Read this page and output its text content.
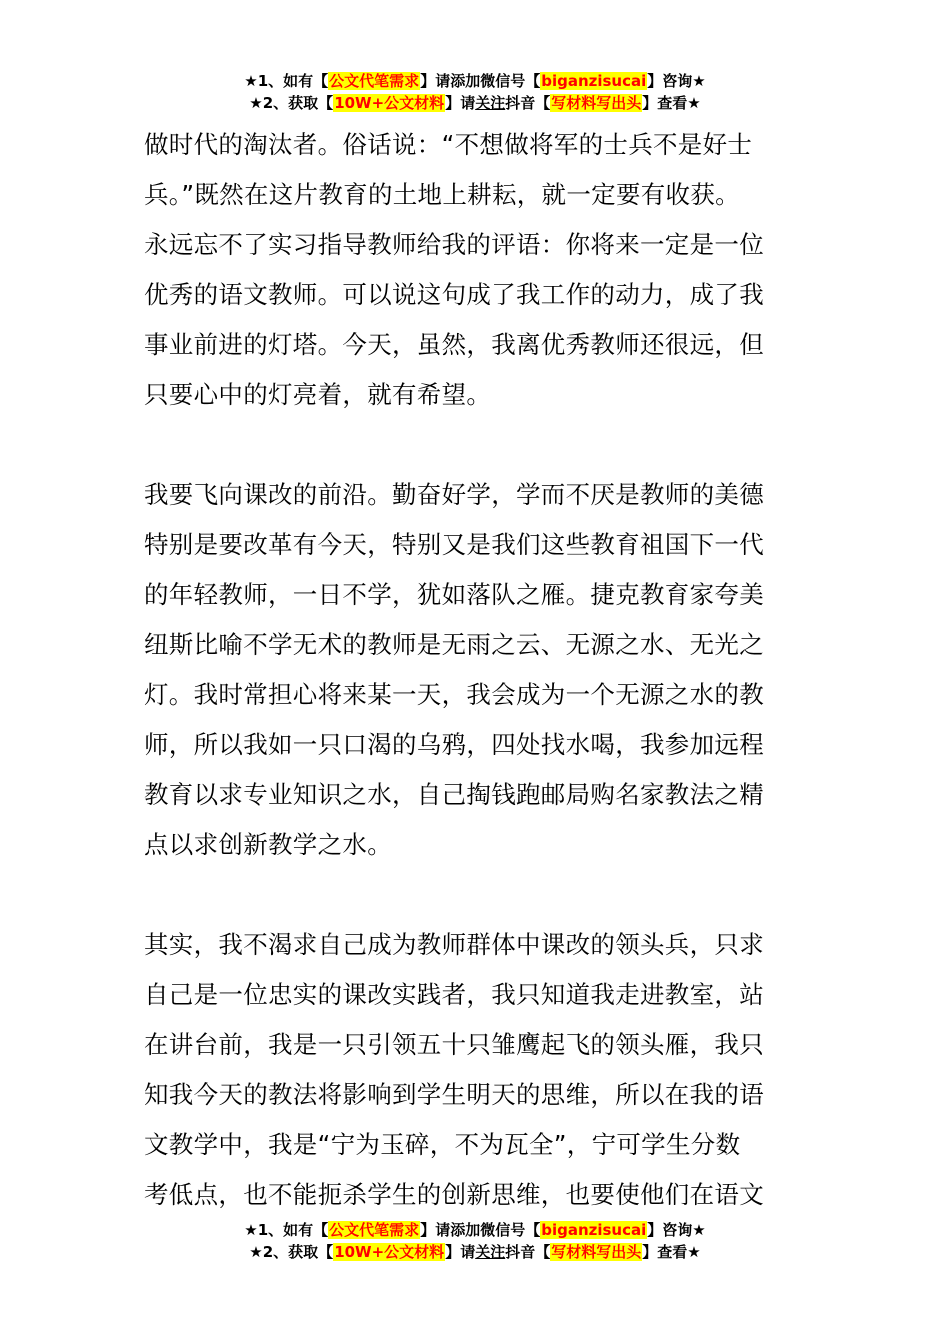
★1、如有【公文代笔需求】请添加微信号【biganzisucai】咨询★
★2、获取【10W+公文材料】请关注抖音【写材料写出头】查看★
做时代的淘汰者。俗话说：“不想做将军的士兵不是好士
兵。”既然在这片教育的土地上耕耘，就一定要有收获。
永远忘不了实习指导教师给我的评语：你将来一定是一位
优秀的语文教师。可以说这句成了我工作的动力，成了我
事业前进的灯塔。今天，虽然，我离优秀教师还很远，但
只要心中的灯亮着，就有希望。
我要飞向课改的前沿。勤奋好学，学而不厌是教师的美德
特别是要改革有今天，特别又是我们这些教育祖国下一代
的年轻教师，一日不学，犹如落队之雁。捷克教育家夸美
纽斯比喻不学无术的教师是无雨之云、无源之水、无光之
灯。我时常担心将来某一天，我会成为一个无源之水的教
师，所以我如一只口渴的乌鸦，四处找水喝，我参加远程
教育以求专业知识之水，自己掏钱跑邮局购名家教法之精
点以求创新教学之水。
其实，我不渴求自己成为教师群体中课改的领头兵，只求
自己是一位忠实的课改实践者，我只知道我走进教室，站
在讲台前，我是一只引领五十只雏鹰起飞的领头雁，我只
知我今天的教法将影响到学生明天的思维，所以在我的语
文教学中，我是“宁为玉碎，不为瓦全”，宁可学生分数
考低点，也不能扼杀学生的创新思维，也要使他们在语文
★1、如有【公文代笔需求】请添加微信号【biganzisucai】咨询★
★2、获取【10W+公文材料】请关注抖音【写材料写出头】查看★
